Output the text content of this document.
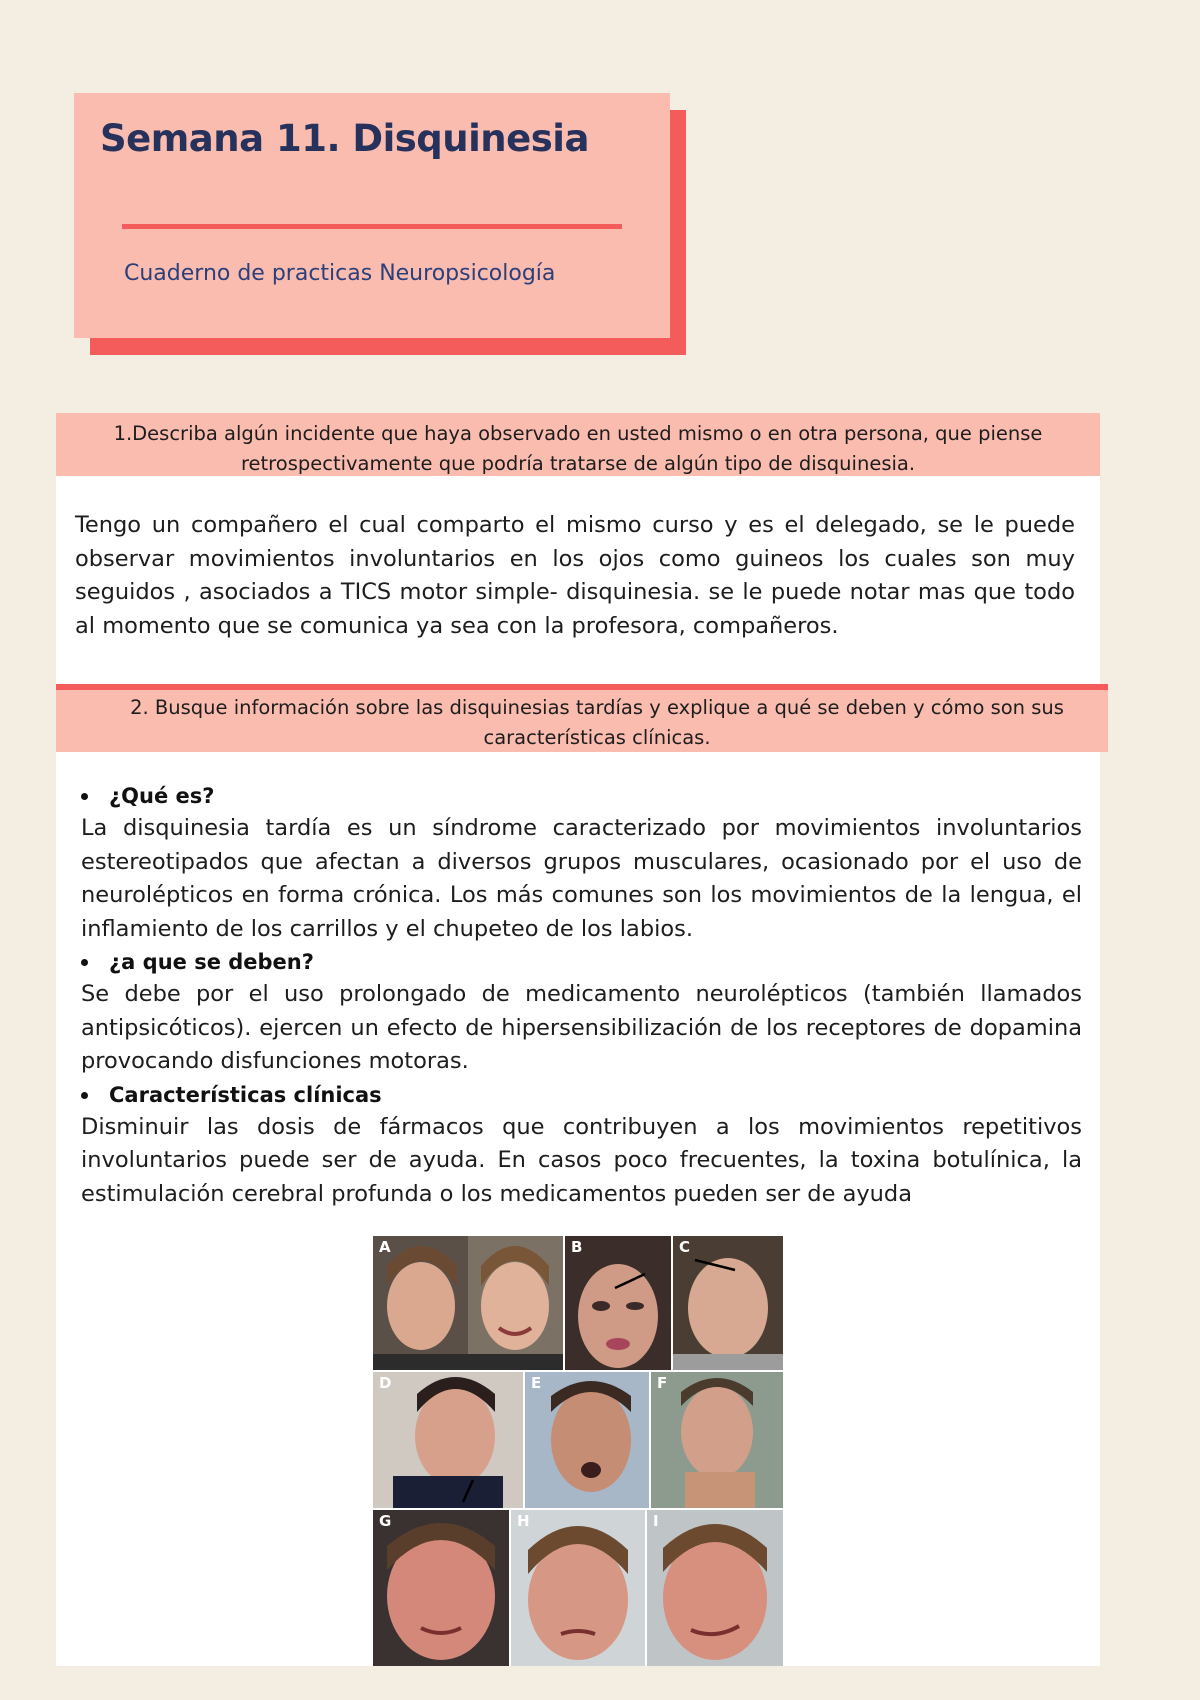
Semana 11. Disquinesia
Cuaderno de practicas Neuropsicología
1.Describa algún incidente que haya observado en usted mismo o en otra persona, que piense
retrospectivamente que podría tratarse de algún tipo de disquinesia.
Tengo un compañero el cual comparto el mismo curso y es el delegado, se le puede observar movimientos involuntarios en los ojos como guineos los cuales son muy seguidos , asociados a TICS motor simple- disquinesia. se le puede notar mas que todo al momento que se comunica ya sea con la profesora, compañeros.
2. Busque información sobre las disquinesias tardías y explique a qué se deben y cómo son sus
características clínicas.
¿Qué es?
La disquinesia tardía es un síndrome caracterizado por movimientos involuntarios estereotipados que afectan a diversos grupos musculares, ocasionado por el uso de neurolépticos en forma crónica. Los más comunes son los movimientos de la lengua, el inflamiento de los carrillos y el chupeteo de los labios.
¿a que se deben?
Se debe por el uso prolongado de medicamento neurolépticos (también llamados antipsicóticos). ejercen un efecto de hipersensibilización de los receptores de dopamina provocando disfunciones motoras.
Características clínicas
Disminuir las dosis de fármacos que contribuyen a los movimientos repetitivos involuntarios puede ser de ayuda. En casos poco frecuentes, la toxina botulínica, la estimulación cerebral profunda o los medicamentos pueden ser de ayuda
A	B	C
D	E	F
G	H	I
